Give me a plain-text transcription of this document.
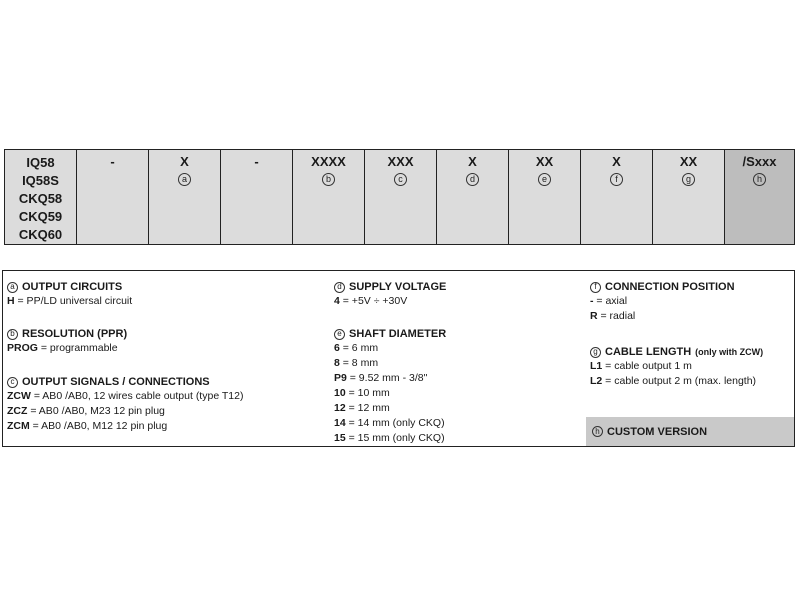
IQ58
IQ58S
CKQ58
CKQ59
CKQ60
-	X
a
-	XXXX
b
XXX
c
X
d
XX
e
X
f
XX
g
/Sxxx
h
a OUTPUT CIRCUITS
H = PP/LD universal circuit
b RESOLUTION (PPR)
PROG = programmable
c OUTPUT SIGNALS / CONNECTIONS
ZCW = AB0 /AB0, 12 wires cable output (type T12)
ZCZ = AB0 /AB0, M23 12 pin plug
ZCM = AB0 /AB0, M12 12 pin plug
d SUPPLY VOLTAGE
4 = +5V ÷ +30V
e SHAFT DIAMETER
6 = 6 mm
8 = 8 mm
P9 = 9.52 mm - 3/8"
10 = 10 mm
12 = 12 mm
14 = 14 mm (only CKQ)
15 = 15 mm (only CKQ)
f CONNECTION POSITION
- = axial
R = radial
g CABLE LENGTH (only with ZCW)
L1 = cable output 1 m
L2 = cable output 2 m (max. length)
h CUSTOM VERSION
